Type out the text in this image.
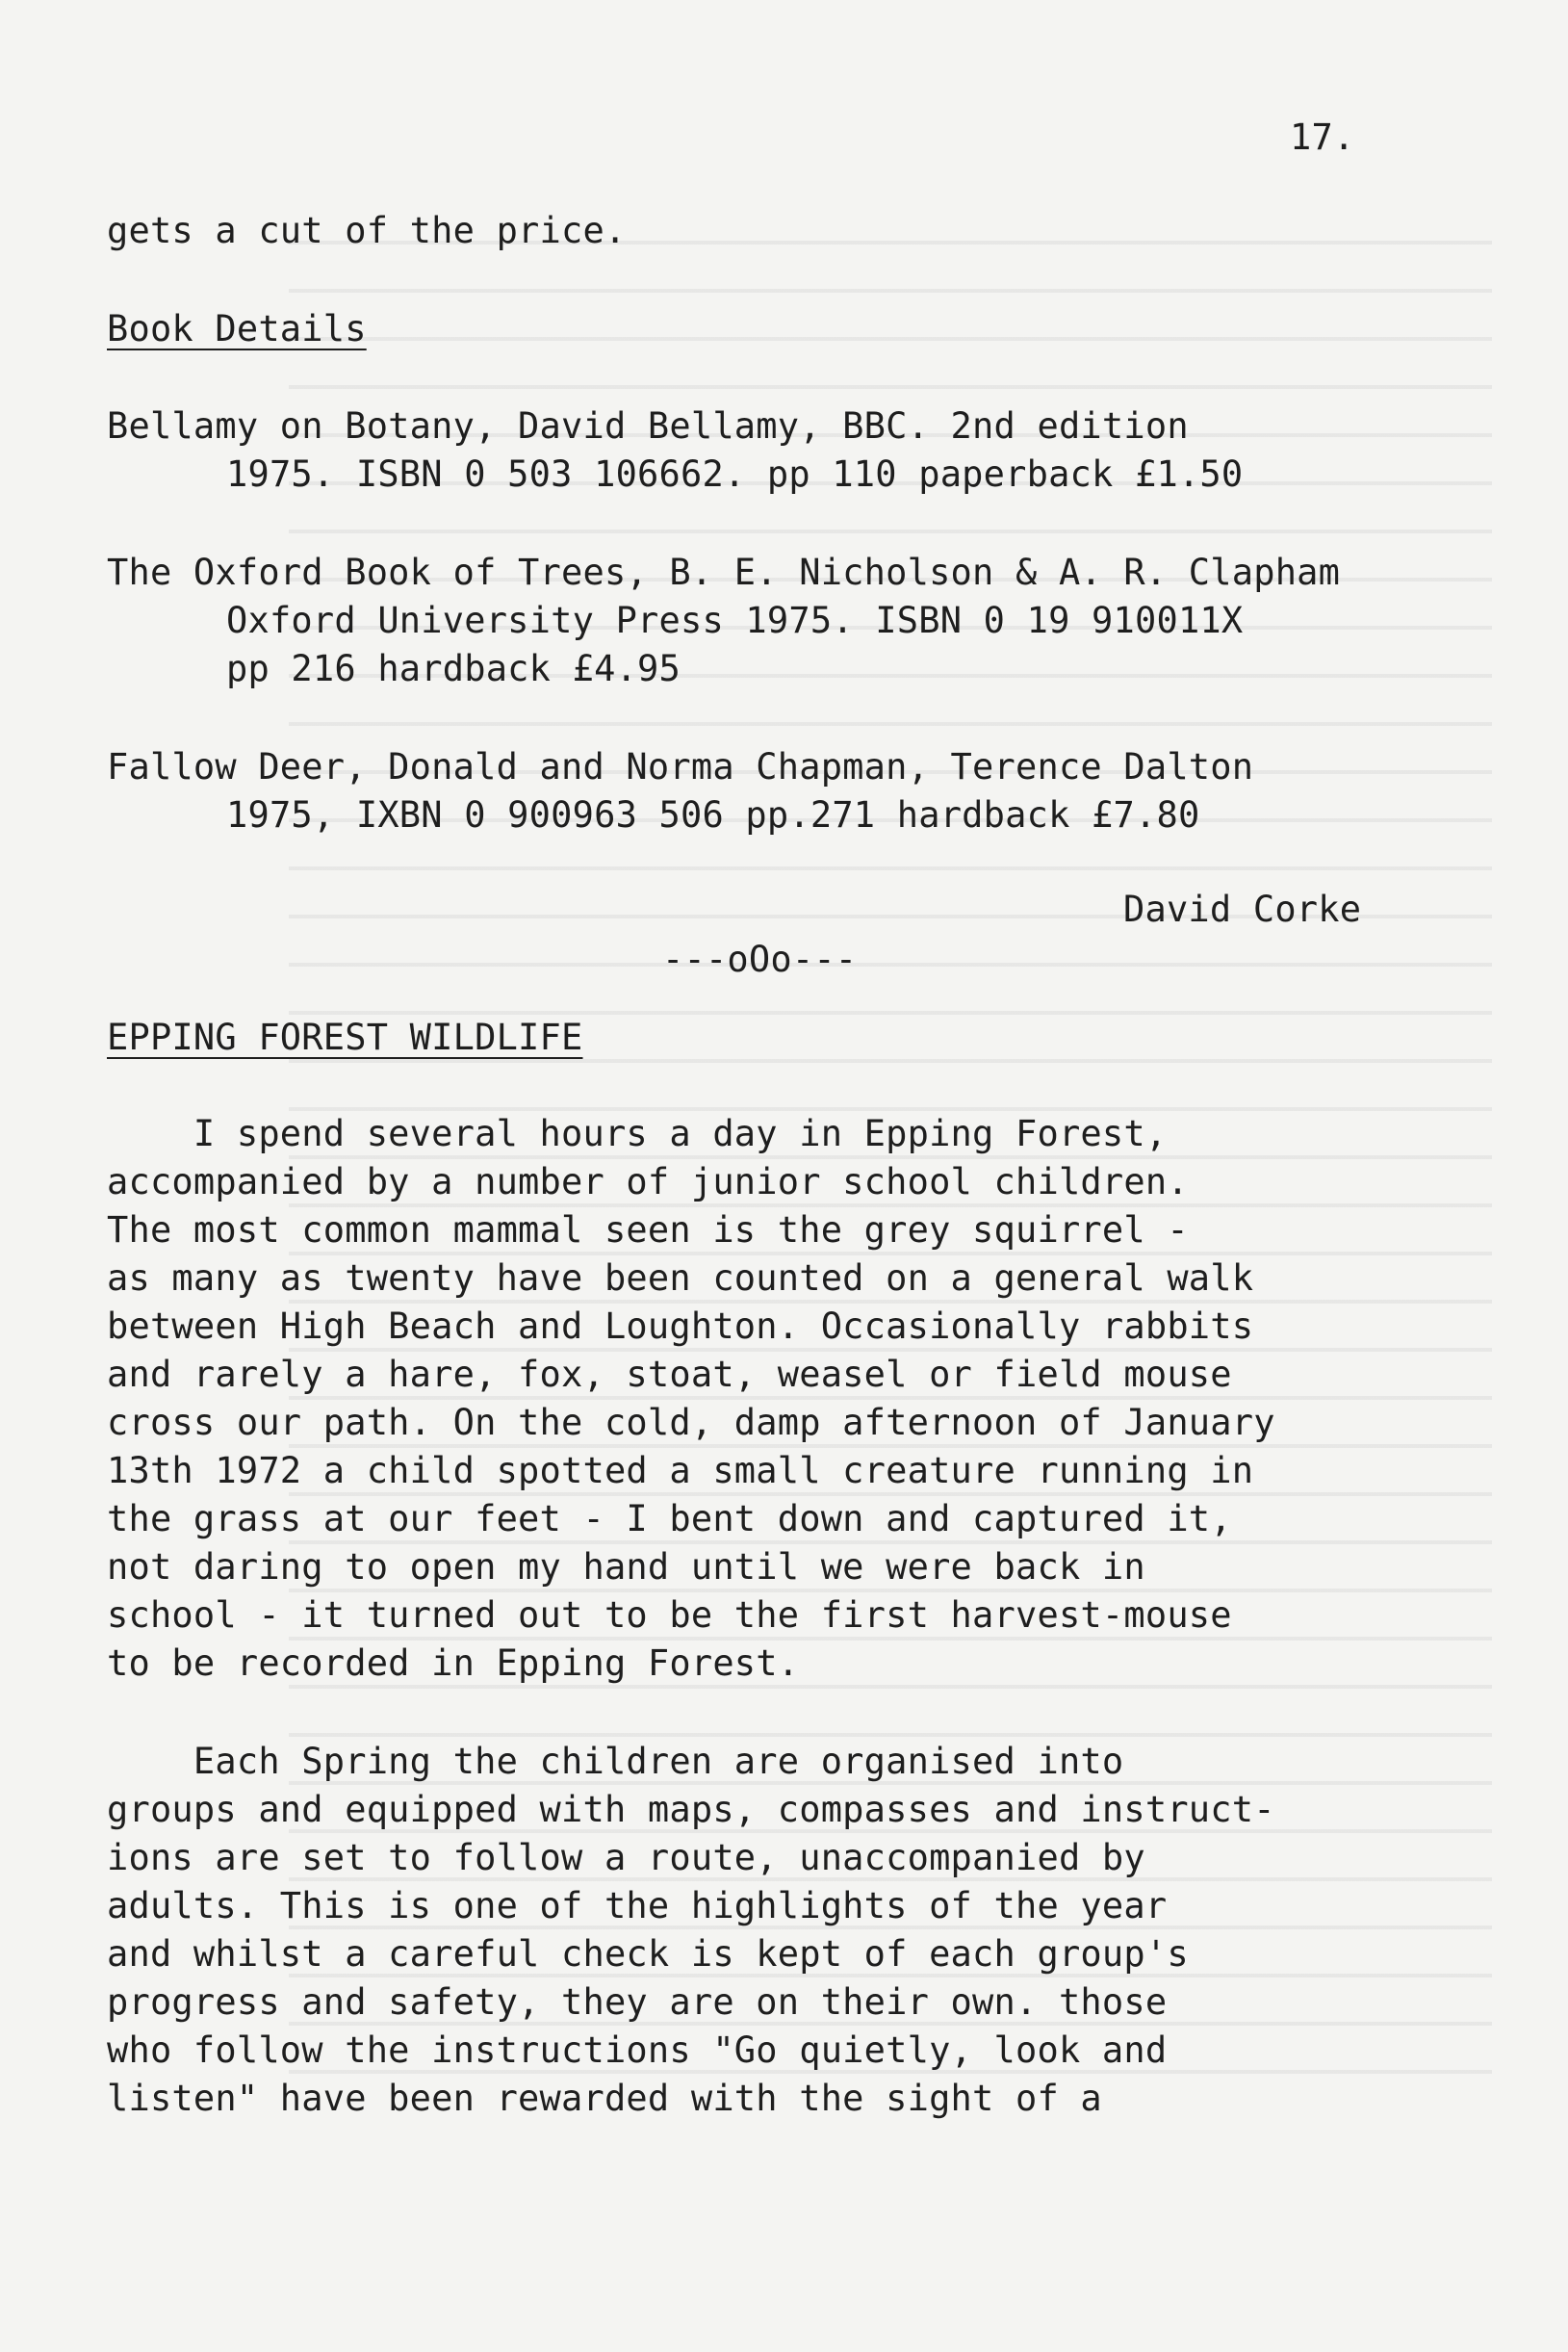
17.
gets a cut of the price.
Book Details
Bellamy on Botany, David Bellamy, BBC. 2nd edition
1975. ISBN 0 503 106662. pp 110 paperback £1.50
The Oxford Book of Trees, B. E. Nicholson & A. R. Clapham
Oxford University Press 1975. ISBN 0 19 910011X
pp 216 hardback £4.95
Fallow Deer, Donald and Norma Chapman, Terence Dalton
1975, IXBN 0 900963 506 pp.271 hardback £7.80
David Corke
---oOo---
EPPING FOREST WILDLIFE
I spend several hours a day in Epping Forest,
accompanied by a number of junior school children.
The most common mammal seen is the grey squirrel -
as many as twenty have been counted on a general walk
between High Beach and Loughton. Occasionally rabbits
and rarely a hare, fox, stoat, weasel or field mouse
cross our path. On the cold, damp afternoon of January
13th 1972 a child spotted a small creature running in
the grass at our feet - I bent down and captured it,
not daring to open my hand until we were back in
school - it turned out to be the first harvest-mouse
to be recorded in Epping Forest.
Each Spring the children are organised into
groups and equipped with maps, compasses and instruct-
ions are set to follow a route, unaccompanied by
adults. This is one of the highlights of the year
and whilst a careful check is kept of each group's
progress and safety, they are on their own. those
who follow the instructions "Go quietly, look and
listen" have been rewarded with the sight of a
